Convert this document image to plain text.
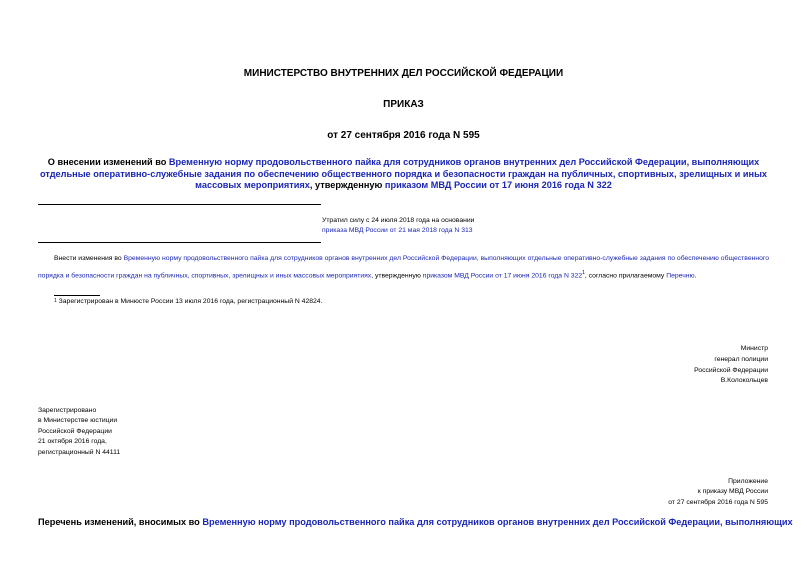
МИНИСТЕРСТВО ВНУТРЕННИХ ДЕЛ РОССИЙСКОЙ ФЕДЕРАЦИИ
ПРИКАЗ
от 27 сентября 2016 года N 595
О внесении изменений во Временную норму продовольственного пайка для сотрудников органов внутренних дел Российской Федерации, выполняющих отдельные оперативно-служебные задания по обеспечению общественного порядка и безопасности граждан на публичных, спортивных, зрелищных и иных массовых мероприятиях, утвержденную приказом МВД России от 17 июня 2016 года N 322
Утратил силу с 24 июля 2018 года на основании
приказа МВД России от 21 мая 2018 года N 313
Внести изменения во Временную норму продовольственного пайка для сотрудников органов внутренних дел Российской Федерации, выполняющих отдельные оперативно-служебные задания по обеспечению общественного порядка и безопасности граждан на публичных, спортивных, зрелищных и иных массовых мероприятиях, утвержденную приказом МВД России от 17 июня 2016 года N $322^1$, согласно прилагаемому Перечню.
$^1$ Зарегистрирован в Минюсте России 13 июля 2016 года, регистрационный N 42824.
Министр
генерал полиции
Российской Федерации
В.Колокольцев
Зарегистрировано
в Министерстве юстиции
Российской Федерации
21 октября 2016 года,
регистрационный N 44111
Приложение
к приказу МВД России
от 27 сентября 2016 года N 595
Перечень изменений, вносимых во Временную норму продовольственного пайка для сотрудников органов внутренних дел Российской Федерации, выполняющих
